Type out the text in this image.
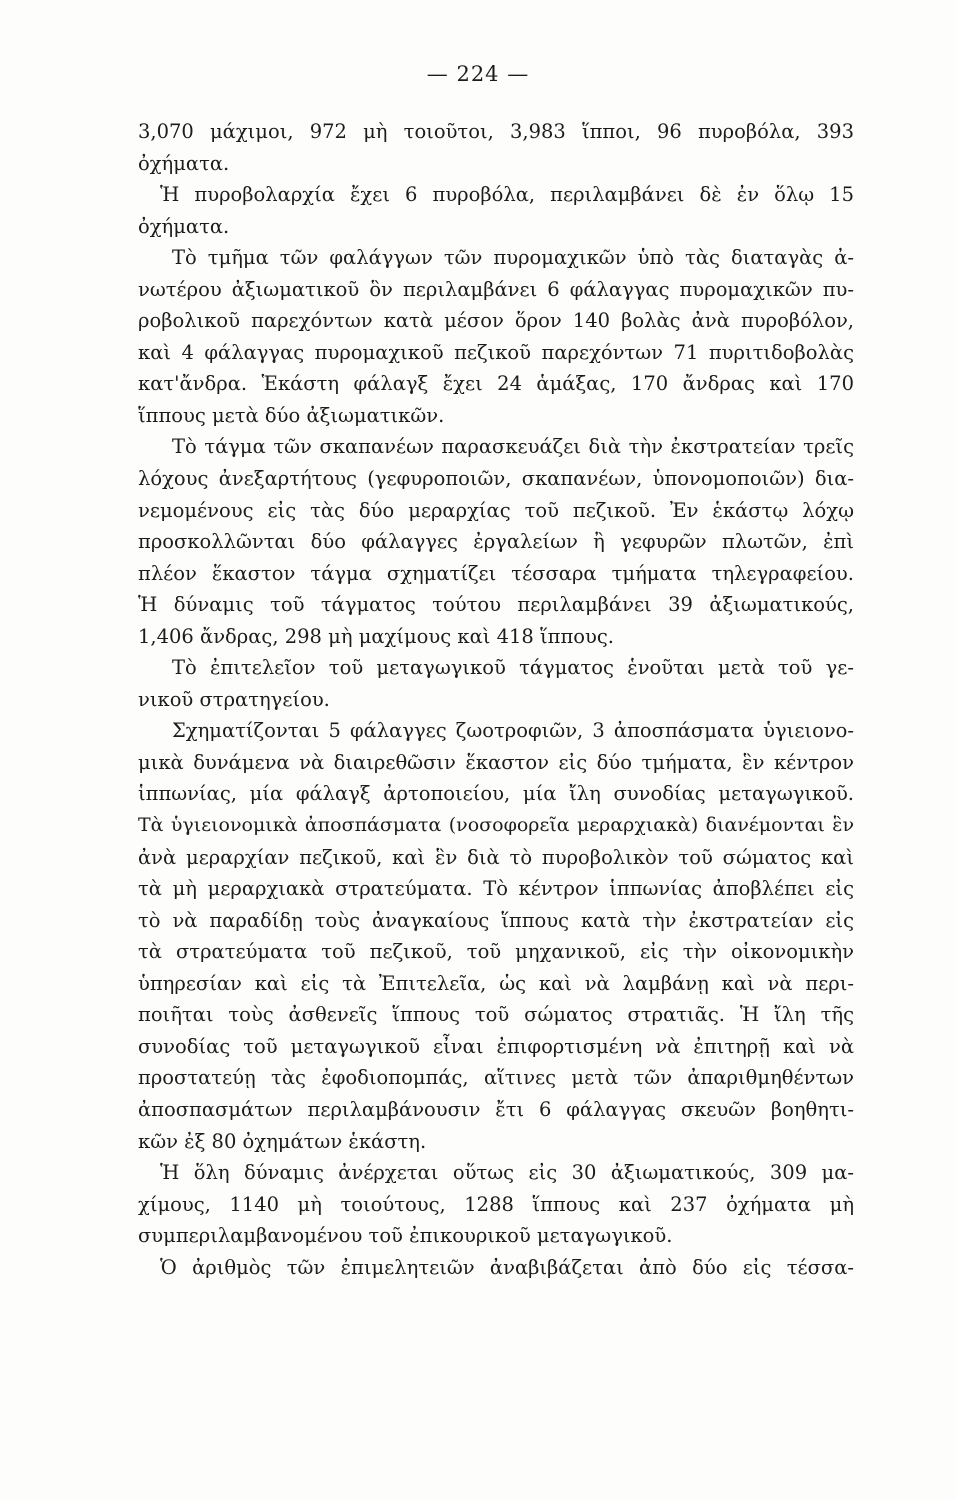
— 224 —
3,070 μάχιμοι, 972 μὴ τοιοῦτοι, 3,983 ἵπποι, 96 πυροβόλα, 393
ὀχήματα.
Ἡ πυροβολαρχία ἔχει 6 πυροβόλα, περιλαμβάνει δὲ ἐν ὅλῳ 15
ὀχήματα.
Τὸ τμῆμα τῶν φαλάγγων τῶν πυρομαχικῶν ὑπὸ τὰς διαταγὰς ἀ-
νωτέρου ἀξιωματικοῦ ὃν περιλαμβάνει 6 φάλαγγας πυρομαχικῶν πυ-
ροβολικοῦ παρεχόντων κατὰ μέσον ὅρον 140 βολὰς ἀνὰ πυροβόλον,
καὶ 4 φάλαγγας πυρομαχικοῦ πεζικοῦ παρεχόντων 71 πυριτιδοβολὰς
κατ'ἄνδρα. Ἑκάστη φάλαγξ ἔχει 24 ἁμάξας, 170 ἄνδρας καὶ 170
ἵππους μετὰ δύο ἀξιωματικῶν.
Τὸ τάγμα τῶν σκαπανέων παρασκευάζει διὰ τὴν ἐκστρατείαν τρεῖς
λόχους ἀνεξαρτήτους (γεφυροποιῶν, σκαπανέων, ὑπονομοποιῶν) δια-
νεμομένους εἰς τὰς δύο μεραρχίας τοῦ πεζικοῦ. Ἐν ἑκάστῳ λόχῳ
προσκολλῶνται δύο φάλαγγες ἐργαλείων ἢ γεφυρῶν πλωτῶν, ἐπὶ
πλέον ἕκαστον τάγμα σχηματίζει τέσσαρα τμήματα τηλεγραφείου.
Ἡ δύναμις τοῦ τάγματος τούτου περιλαμβάνει 39 ἀξιωματικούς,
1,406 ἄνδρας, 298 μὴ μαχίμους καὶ 418 ἵππους.
Τὸ ἐπιτελεῖον τοῦ μεταγωγικοῦ τάγματος ἑνοῦται μετὰ τοῦ γε-
νικοῦ στρατηγείου.
Σχηματίζονται 5 φάλαγγες ζωοτροφιῶν, 3 ἀποσπάσματα ὑγιειονο-
μικὰ δυνάμενα νὰ διαιρεθῶσιν ἕκαστον εἰς δύο τμήματα, ἓν κέντρον
ἱππωνίας, μία φάλαγξ ἀρτοποιείου, μία ἴλη συνοδίας μεταγωγικοῦ.
Τὰ ὑγιειονομικὰ ἀποσπάσματα (νοσοφορεῖα μεραρχιακὰ) διανέμονται ἓν
ἀνὰ μεραρχίαν πεζικοῦ, καὶ ἓν διὰ τὸ πυροβολικὸν τοῦ σώματος καὶ
τὰ μὴ μεραρχιακὰ στρατεύματα. Τὸ κέντρον ἱππωνίας ἀποβλέπει εἰς
τὸ νὰ παραδίδῃ τοὺς ἀναγκαίους ἵππους κατὰ τὴν ἐκστρατείαν εἰς
τὰ στρατεύματα τοῦ πεζικοῦ, τοῦ μηχανικοῦ, εἰς τὴν οἰκονομικὴν
ὑπηρεσίαν καὶ εἰς τὰ Ἐπιτελεῖα, ὡς καὶ νὰ λαμβάνῃ καὶ νὰ περι-
ποιῆται τοὺς ἀσθενεῖς ἵππους τοῦ σώματος στρατιᾶς. Ἡ ἴλη τῆς
συνοδίας τοῦ μεταγωγικοῦ εἶναι ἐπιφορτισμένη νὰ ἐπιτηρῇ καὶ νὰ
προστατεύῃ τὰς ἐφοδιοπομπάς, αἵτινες μετὰ τῶν ἀπαριθμηθέντων
ἀποσπασμάτων περιλαμβάνουσιν ἔτι 6 φάλαγγας σκευῶν βοηθητι-
κῶν ἐξ 80 ὀχημάτων ἑκάστη.
Ἡ ὅλη δύναμις ἀνέρχεται οὕτως εἰς 30 ἀξιωματικούς, 309 μα-
χίμους, 1140 μὴ τοιούτους, 1288 ἵππους καὶ 237 ὀχήματα μὴ
συμπεριλαμβανομένου τοῦ ἐπικουρικοῦ μεταγωγικοῦ.
Ὁ ἀριθμὸς τῶν ἐπιμελητειῶν ἀναβιβάζεται ἀπὸ δύο εἰς τέσσα-
